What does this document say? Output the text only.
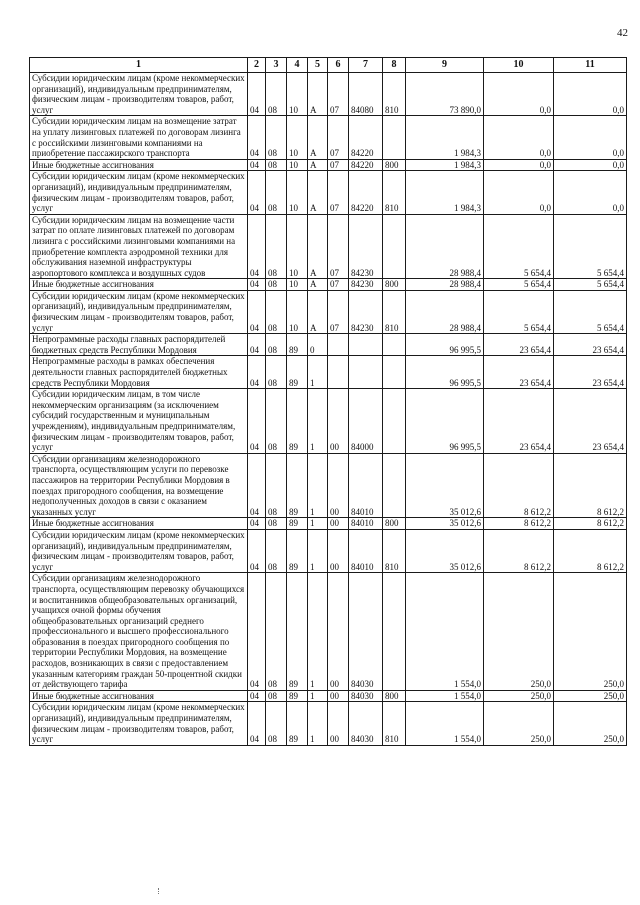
42
1	2	3	4	5	6	7	8	9	10	11
Субсидии юридическим лицам (кроме некоммерческих организаций), индивидуальным предпринимателям, физическим лицам - производителям товаров, работ, услуг	04	08	10	А	07	84080	810	73 890,0	0,0	0,0
Субсидии юридическим лицам на возмещение затрат на уплату лизинговых платежей по договорам лизинга с российскими лизинговыми компаниями на приобретение пассажирского транспорта	04	08	10	А	07	84220		1 984,3	0,0	0,0
Иные бюджетные ассигнования	04	08	10	А	07	84220	800	1 984,3	0,0	0,0
Субсидии юридическим лицам (кроме некоммерческих организаций), индивидуальным предпринимателям, физическим лицам - производителям товаров, работ, услуг	04	08	10	А	07	84220	810	1 984,3	0,0	0,0
Субсидии юридическим лицам на возмещение части затрат по оплате лизинговых платежей по договорам лизинга с российскими лизинговыми компаниями на приобретение комплекта аэродромной техники для обслуживания наземной инфраструктуры аэропортового комплекса и воздушных судов	04	08	10	А	07	84230		28 988,4	5 654,4	5 654,4
Иные бюджетные ассигнования	04	08	10	А	07	84230	800	28 988,4	5 654,4	5 654,4
Субсидии юридическим лицам (кроме некоммерческих организаций), индивидуальным предпринимателям, физическим лицам - производителям товаров, работ, услуг	04	08	10	А	07	84230	810	28 988,4	5 654,4	5 654,4
Непрограммные расходы главных распорядителей бюджетных средств Республики Мордовия	04	08	89	0				96 995,5	23 654,4	23 654,4
Непрограммные расходы в рамках обеспечения деятельности главных распорядителей бюджетных средств Республики Мордовия	04	08	89	1				96 995,5	23 654,4	23 654,4
Субсидии юридическим лицам, в том числе некоммерческим организациям (за исключением субсидий государственным и муниципальным учреждениям), индивидуальным предпринимателям, физическим лицам - производителям товаров, работ, услуг	04	08	89	1	00	84000		96 995,5	23 654,4	23 654,4
Субсидии организациям железнодорожного транспорта, осуществляющим услуги по перевозке пассажиров на территории Республики Мордовия в поездах пригородного сообщения, на возмещение недополученных доходов в связи с оказанием указанных услуг	04	08	89	1	00	84010		35 012,6	8 612,2	8 612,2
Иные бюджетные ассигнования	04	08	89	1	00	84010	800	35 012,6	8 612,2	8 612,2
Субсидии юридическим лицам (кроме некоммерческих организаций), индивидуальным предпринимателям, физическим лицам - производителям товаров, работ, услуг	04	08	89	1	00	84010	810	35 012,6	8 612,2	8 612,2
Субсидии организациям железнодорожного транспорта, осуществляющим перевозку обучающихся и воспитанников общеобразовательных организаций, учащихся очной формы обучения общеобразовательных организаций среднего профессионального и высшего профессионального образования в поездах пригородного сообщения по территории Республики Мордовия, на возмещение расходов, возникающих в связи с предоставлением указанным категориям граждан 50-процентной скидки от действующего тарифа	04	08	89	1	00	84030		1 554,0	250,0	250,0
Иные бюджетные ассигнования	04	08	89	1	00	84030	800	1 554,0	250,0	250,0
Субсидии юридическим лицам (кроме некоммерческих организаций), индивидуальным предпринимателям, физическим лицам - производителям товаров, работ, услуг	04	08	89	1	00	84030	810	1 554,0	250,0	250,0
